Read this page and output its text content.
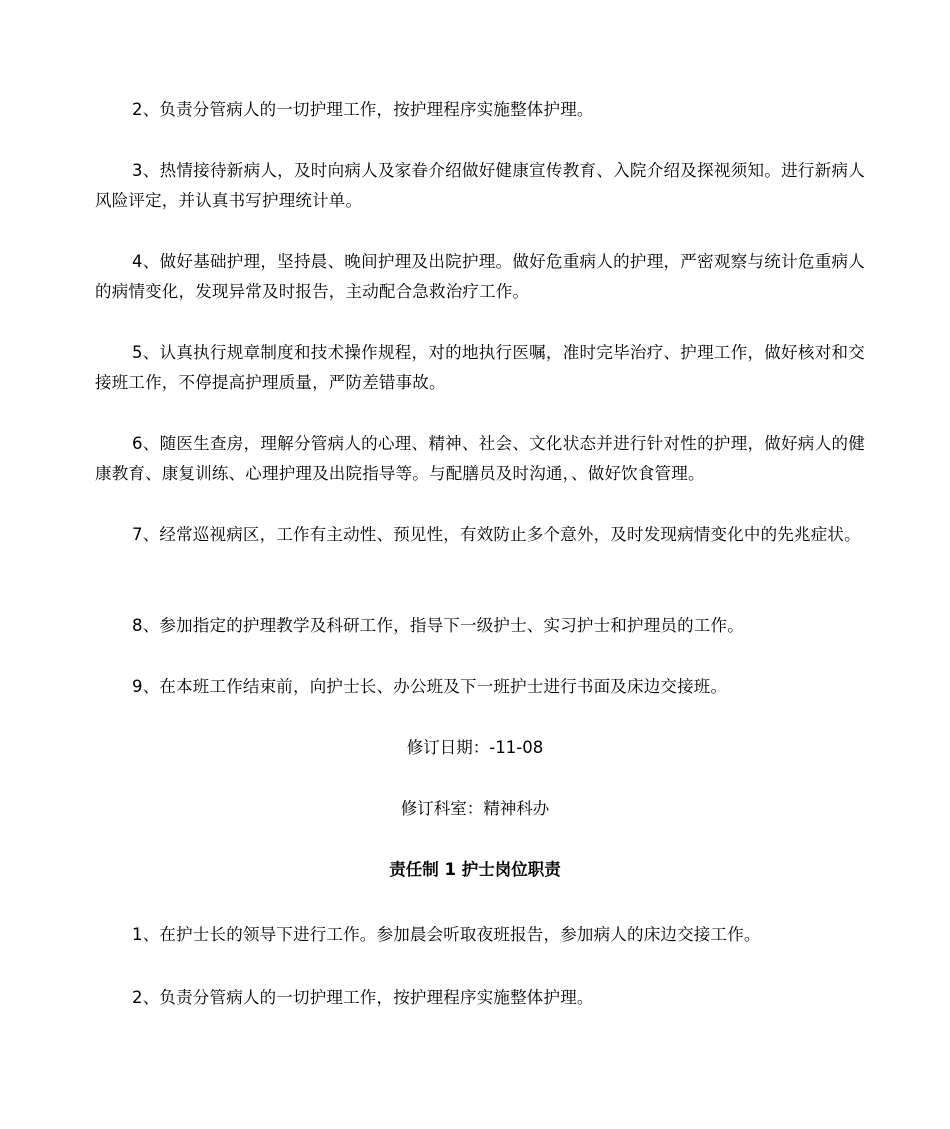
2、负责分管病人的一切护理工作，按护理程序实施整体护理。

3、热情接待新病人，及时向病人及家眷介绍做好健康宣传教育、入院介绍及探视须知。进行新病人风险评定，并认真书写护理统计单。

4、做好基础护理，坚持晨、晚间护理及出院护理。做好危重病人的护理，严密观察与统计危重病人的病情变化，发现异常及时报告，主动配合急救治疗工作。

5、认真执行规章制度和技术操作规程，对的地执行医嘱，准时完毕治疗、护理工作，做好核对和交接班工作，不停提高护理质量，严防差错事故。

6、随医生查房，理解分管病人的心理、精神、社会、文化状态并进行针对性的护理，做好病人的健康教育、康复训练、心理护理及出院指导等。与配膳员及时沟通，、做好饮食管理。

7、经常巡视病区，工作有主动性、预见性，有效防止多个意外，及时发现病情变化中的先兆症状。

8、参加指定的护理教学及科研工作，指导下一级护士、实习护士和护理员的工作。

9、在本班工作结束前，向护士长、办公班及下一班护士进行书面及床边交接班。

修订日期：-11-08

修订科室：精神科办

责任制 1 护士岗位职责

1、在护士长的领导下进行工作。参加晨会听取夜班报告，参加病人的床边交接工作。

2、负责分管病人的一切护理工作，按护理程序实施整体护理。
